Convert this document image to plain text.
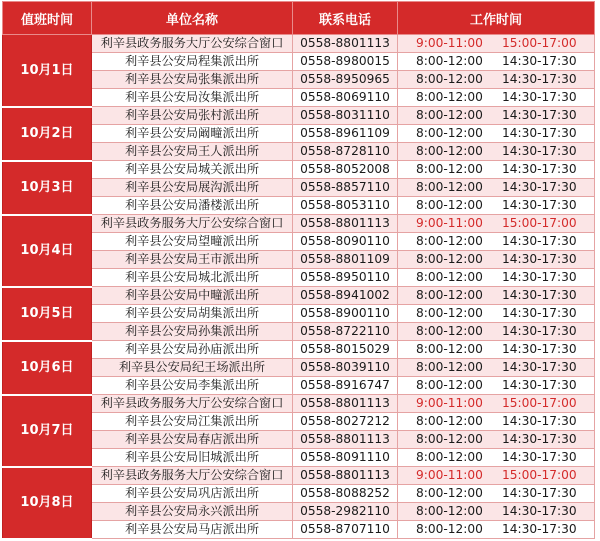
值班时间	单位名称	联系电话	工作时间
10月1日	利辛县政务服务大厅公安综合窗口	0558-8801113	9:00-11:00 15:00-17:00
	利辛县公安局程集派出所	0558-8980015	8:00-12:00 14:30-17:30
	利辛县公安局张集派出所	0558-8950965	8:00-12:00 14:30-17:30
	利辛县公安局汝集派出所	0558-8069110	8:00-12:00 14:30-17:30
10月2日	利辛县公安局张村派出所	0558-8031110	8:00-12:00 14:30-17:30
	利辛县公安局阚疃派出所	0558-8961109	8:00-12:00 14:30-17:30
	利辛县公安局王人派出所	0558-8728110	8:00-12:00 14:30-17:30
10月3日	利辛县公安局城关派出所	0558-8052008	8:00-12:00 14:30-17:30
	利辛县公安局展沟派出所	0558-8857110	8:00-12:00 14:30-17:30
	利辛县公安局潘楼派出所	0558-8053110	8:00-12:00 14:30-17:30
10月4日	利辛县政务服务大厅公安综合窗口	0558-8801113	9:00-11:00 15:00-17:00
	利辛县公安局望疃派出所	0558-8090110	8:00-12:00 14:30-17:30
	利辛县公安局王市派出所	0558-8801109	8:00-12:00 14:30-17:30
	利辛县公安局城北派出所	0558-8950110	8:00-12:00 14:30-17:30
10月5日	利辛县公安局中疃派出所	0558-8941002	8:00-12:00 14:30-17:30
	利辛县公安局胡集派出所	0558-8900110	8:00-12:00 14:30-17:30
	利辛县公安局孙集派出所	0558-8722110	8:00-12:00 14:30-17:30
10月6日	利辛县公安局孙庙派出所	0558-8015029	8:00-12:00 14:30-17:30
	利辛县公安局纪王场派出所	0558-8039110	8:00-12:00 14:30-17:30
	利辛县公安局李集派出所	0558-8916747	8:00-12:00 14:30-17:30
10月7日	利辛县政务服务大厅公安综合窗口	0558-8801113	9:00-11:00 15:00-17:00
	利辛县公安局江集派出所	0558-8027212	8:00-12:00 14:30-17:30
	利辛县公安局春店派出所	0558-8801113	8:00-12:00 14:30-17:30
	利辛县公安局旧城派出所	0558-8091110	8:00-12:00 14:30-17:30
10月8日	利辛县政务服务大厅公安综合窗口	0558-8801113	9:00-11:00 15:00-17:00
	利辛县公安局巩店派出所	0558-8088252	8:00-12:00 14:30-17:30
	利辛县公安局永兴派出所	0558-2982110	8:00-12:00 14:30-17:30
	利辛县公安局马店派出所	0558-8707110	8:00-12:00 14:30-17:30
